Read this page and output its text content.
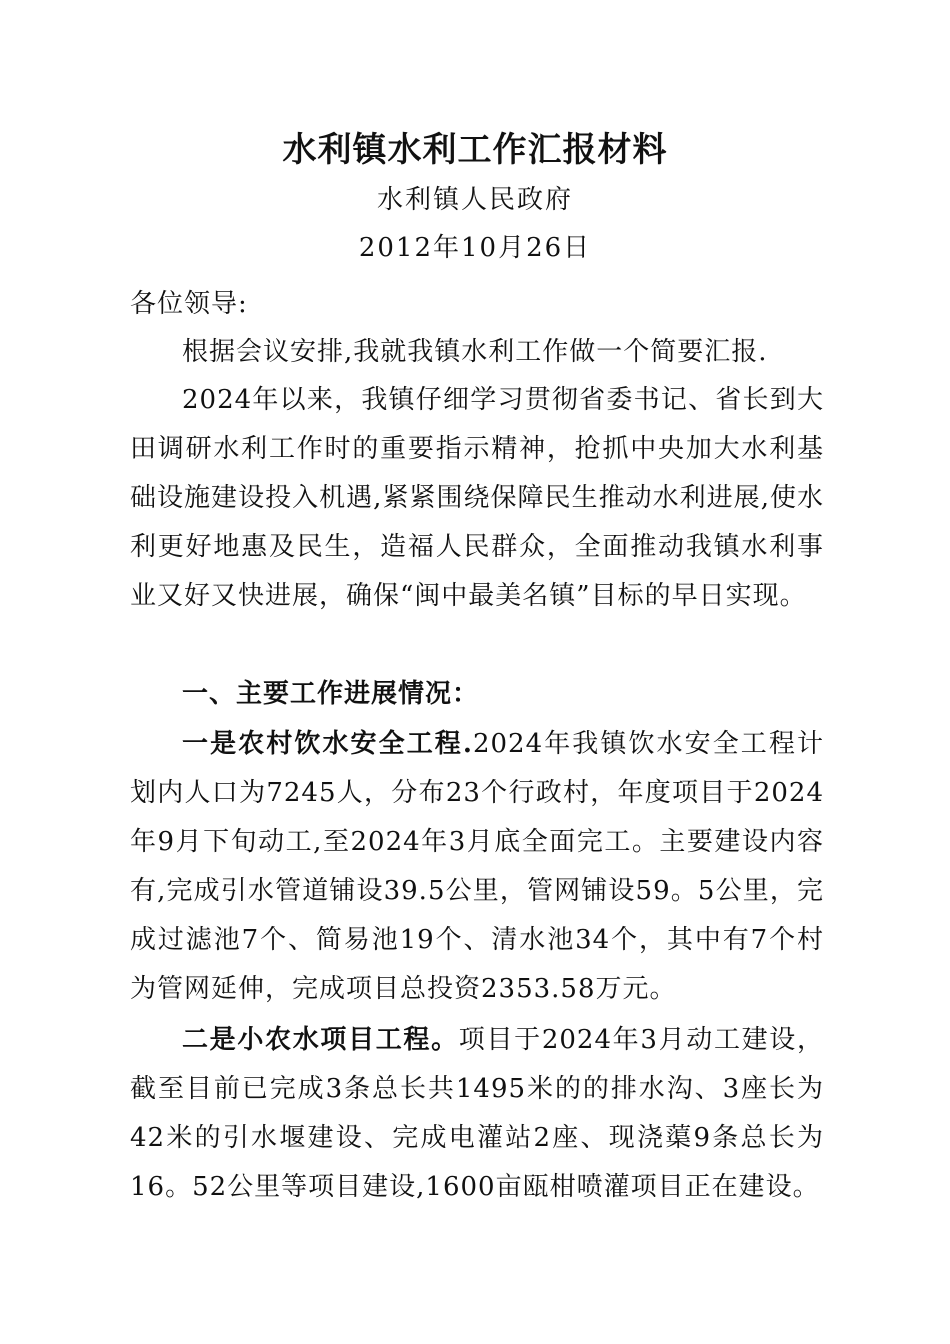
水利镇水利工作汇报材料
水利镇人民政府
2012年10月26日

各位领导:

根据会议安排,我就我镇水利工作做一个简要汇报.

2024年以来，我镇仔细学习贯彻省委书记、省长到大田调研水利工作时的重要指示精神，抢抓中央加大水利基础设施建设投入机遇,紧紧围绕保障民生推动水利进展,使水利更好地惠及民生，造福人民群众，全面推动我镇水利事业又好又快进展，确保“闽中最美名镇”目标的早日实现。

一、主要工作进展情况：

一是农村饮水安全工程.2024年我镇饮水安全工程计划内人口为7245人，分布23个行政村，年度项目于2024年9月下旬动工,至2024年3月底全面完工。主要建设内容有,完成引水管道铺设39.5公里，管网铺设59。5公里，完成过滤池7个、简易池19个、清水池34个，其中有7个村为管网延伸，完成项目总投资2353.58万元。

二是小农水项目工程。项目于2024年3月动工建设，截至目前已完成3条总长共1495米的的排水沟、3座长为42米的引水堰建设、完成电灌站2座、现浇蕖9条总长为16。52公里等项目建设,1600亩瓯柑喷灌项目正在建设。
